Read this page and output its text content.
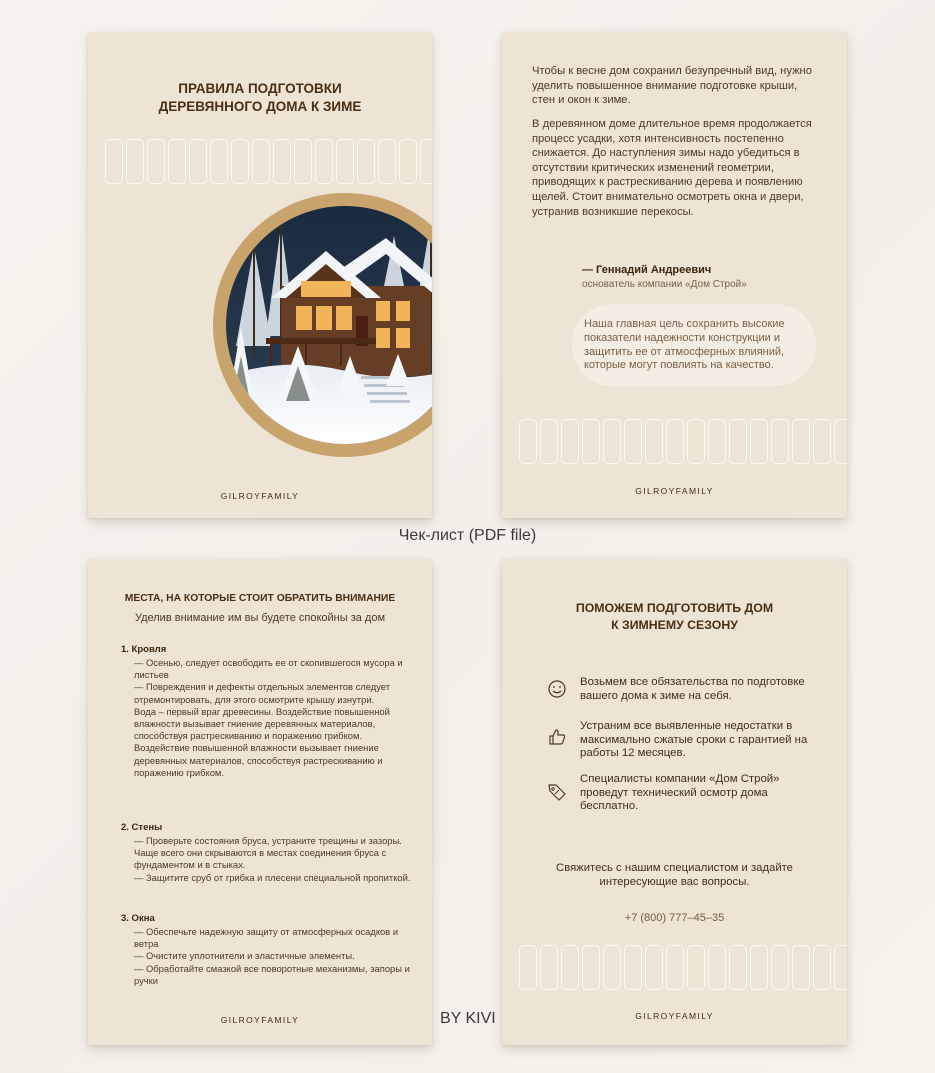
ПРАВИЛА ПОДГОТОВКИ
ДЕРЕВЯННОГО ДОМА К ЗИМЕ
GILROYFAMILY
Чтобы к весне дом сохранил безупречный вид, нужно уделить повышенное внимание подготовке крыши, стен и окон к зиме.
В деревянном доме длительное время продолжается процесс усадки, хотя интенсивность постепенно снижается. До наступления зимы надо убедиться в отсутствии критических изменений геометрии, приводящих к растрескиванию дерева и появлению щелей. Стоит внимательно осмотреть окна и двери, устранив возникшие перекосы.
— Геннадий Андреевич
основатель компании «Дом Строй»
Наша главная цель сохранить высокие показатели надежности конструкции и защитить ее от атмосферных влияний, которые могут повлиять на качество.
GILROYFAMILY
МЕСТА, НА КОТОРЫЕ СТОИТ ОБРАТИТЬ ВНИМАНИЕ
Уделив внимание им вы будете спокойны за дом
1. Кровля
— Осенью, следует освободить ее от скопившегося мусора и листьев
— Повреждения и дефекты отдельных элементов следует отремонтировать, для этого осмотрите крышу изнутри.
Вода – первый враг древесины. Воздействие повышенной влажности вызывает гниение деревянных материалов, способствуя растрескиванию и поражению грибком.
Воздействие повышенной влажности вызывает гниение деревянных материалов, способствуя растрескиванию и поражению грибком.
2. Стены
— Проверьте состояния бруса, устраните трещины и зазоры. Чаще всего они скрываются в местах соединения бруса с фундаментом и в стыках.
— Защитите сруб от грибка и плесени специальной пропиткой.
3. Окна
— Обеспечьте надежную защиту от атмосферных осадков и ветра
— Очистите уплотнители и эластичные элементы.
— Обработайте смазкой все поворотные механизмы, запоры и ручки
GILROYFAMILY
ПОМОЖЕМ ПОДГОТОВИТЬ ДОМ
К ЗИМНЕМУ СЕЗОНУ
Возьмем все обязательства по подготовке вашего дома к зиме на себя.
Устраним все выявленные недостатки в максимально сжатые сроки с гарантией на работы 12 месяцев.
Специалисты компании «Дом Строй» проведут технический осмотр дома бесплатно.
Свяжитесь с нашим специалистом и задайте
интересующие вас вопросы.
+7 (800) 777–45–35
GILROYFAMILY
Чек-лист (PDF file)
BY KIVI
